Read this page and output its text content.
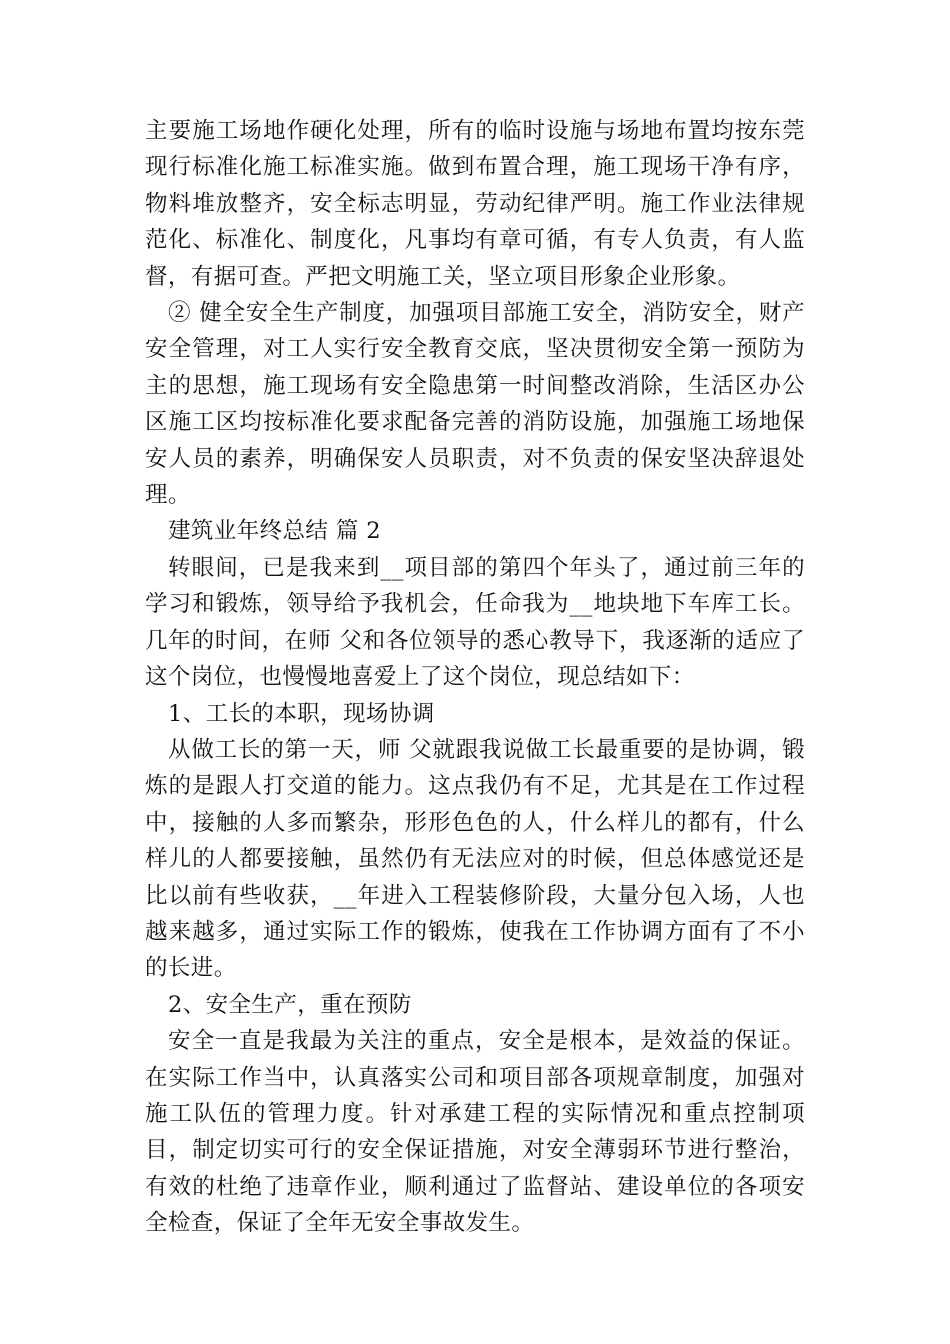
主要施工场地作硬化处理，所有的临时设施与场地布置均按东莞现行标准化施工标准实施。做到布置合理，施工现场干净有序，物料堆放整齐，安全标志明显，劳动纪律严明。施工作业法律规范化、标准化、制度化，凡事均有章可循，有专人负责，有人监督，有据可查。严把文明施工关，坚立项目形象企业形象。

② 健全安全生产制度，加强项目部施工安全，消防安全，财产安全管理，对工人实行安全教育交底，坚决贯彻安全第一预防为主的思想，施工现场有安全隐患第一时间整改消除，生活区办公区施工区均按标准化要求配备完善的消防设施，加强施工场地保安人员的素养，明确保安人员职责，对不负责的保安坚决辞退处理。

建筑业年终总结 篇 2

转眼间，已是我来到__项目部的第四个年头了，通过前三年的学习和锻炼，领导给予我机会，任命我为__地块地下车库工长。几年的时间，在师 父和各位领导的悉心教导下，我逐渐的适应了这个岗位，也慢慢地喜爱上了这个岗位，现总结如下：

1、工长的本职，现场协调

从做工长的第一天，师 父就跟我说做工长最重要的是协调，锻炼的是跟人打交道的能力。这点我仍有不足，尤其是在工作过程中，接触的人多而繁杂，形形色色的人，什么样儿的都有，什么样儿的人都要接触，虽然仍有无法应对的时候，但总体感觉还是比以前有些收获，__年进入工程装修阶段，大量分包入场，人也越来越多，通过实际工作的锻炼，使我在工作协调方面有了不小的长进。

2、安全生产，重在预防

安全一直是我最为关注的重点，安全是根本，是效益的保证。在实际工作当中，认真落实公司和项目部各项规章制度，加强对施工队伍的管理力度。针对承建工程的实际情况和重点控制项目，制定切实可行的安全保证措施，对安全薄弱环节进行整治，有效的杜绝了违章作业，顺利通过了监督站、建设单位的各项安全检查，保证了全年无安全事故发生。
